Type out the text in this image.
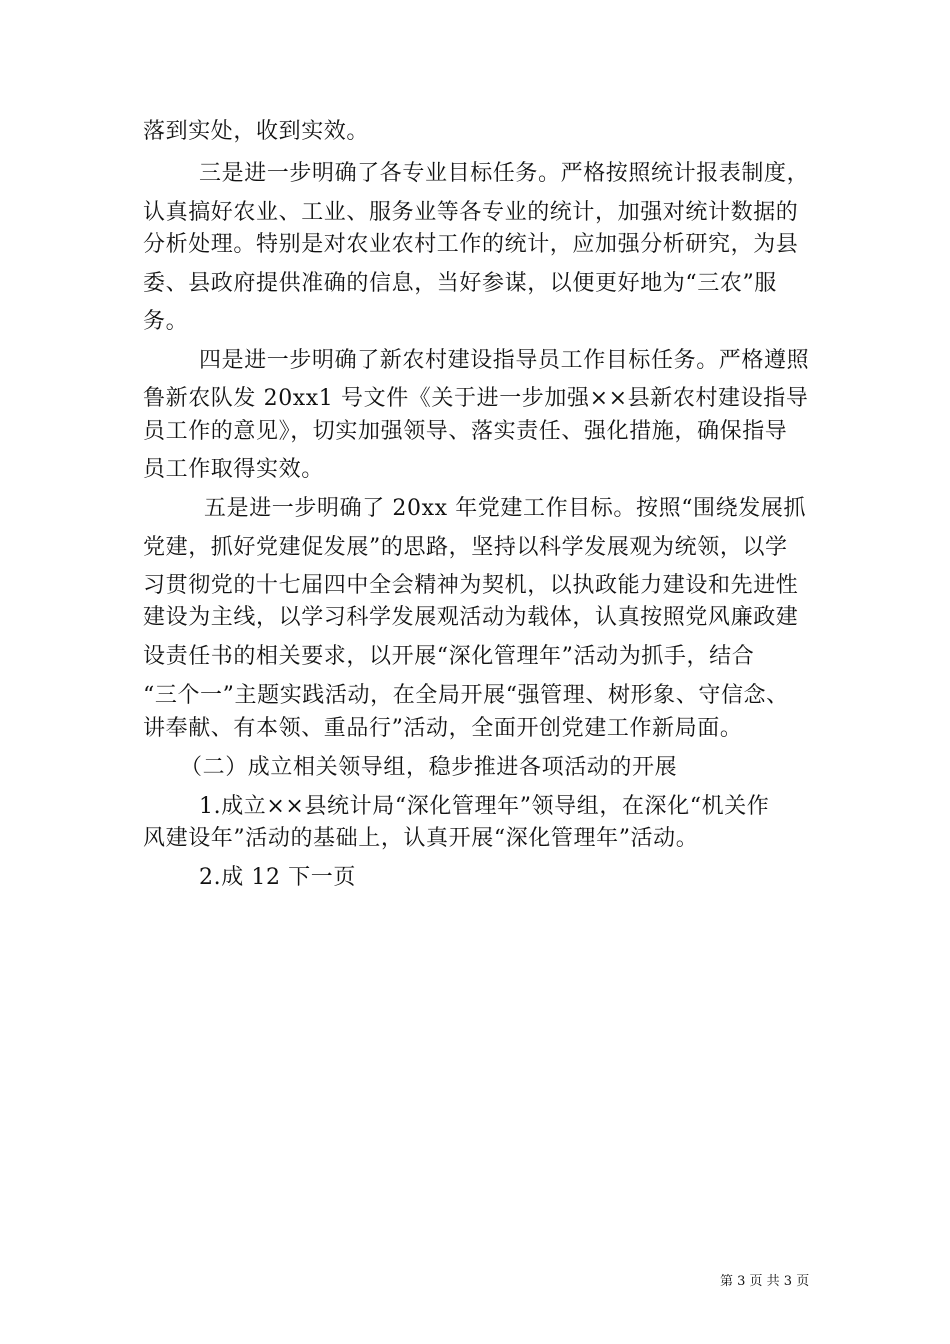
落到实处，收到实效。
三是进一步明确了各专业目标任务。严格按照统计报表制度，
认真搞好农业、工业、服务业等各专业的统计，加强对统计数据的
分析处理。特别是对农业农村工作的统计，应加强分析研究，为县
委、县政府提供准确的信息，当好参谋，以便更好地为“三农”服
务。
四是进一步明确了新农村建设指导员工作目标任务。严格遵照
鲁新农队发 20xx1 号文件《关于进一步加强××县新农村建设指导
员工作的意见》，切实加强领导、落实责任、强化措施，确保指导
员工作取得实效。
五是进一步明确了 20xx 年党建工作目标。按照“围绕发展抓
党建，抓好党建促发展”的思路，坚持以科学发展观为统领，以学
习贯彻党的十七届四中全会精神为契机，以执政能力建设和先进性
建设为主线，以学习科学发展观活动为载体，认真按照党风廉政建
设责任书的相关要求，以开展“深化管理年”活动为抓手，结合
“三个一”主题实践活动，在全局开展“强管理、树形象、守信念、
讲奉献、有本领、重品行”活动，全面开创党建工作新局面。
（二）成立相关领导组，稳步推进各项活动的开展
1.成立××县统计局“深化管理年”领导组，在深化“机关作
风建设年”活动的基础上，认真开展“深化管理年”活动。
2.成 12 下一页
第 3 页 共 3 页
